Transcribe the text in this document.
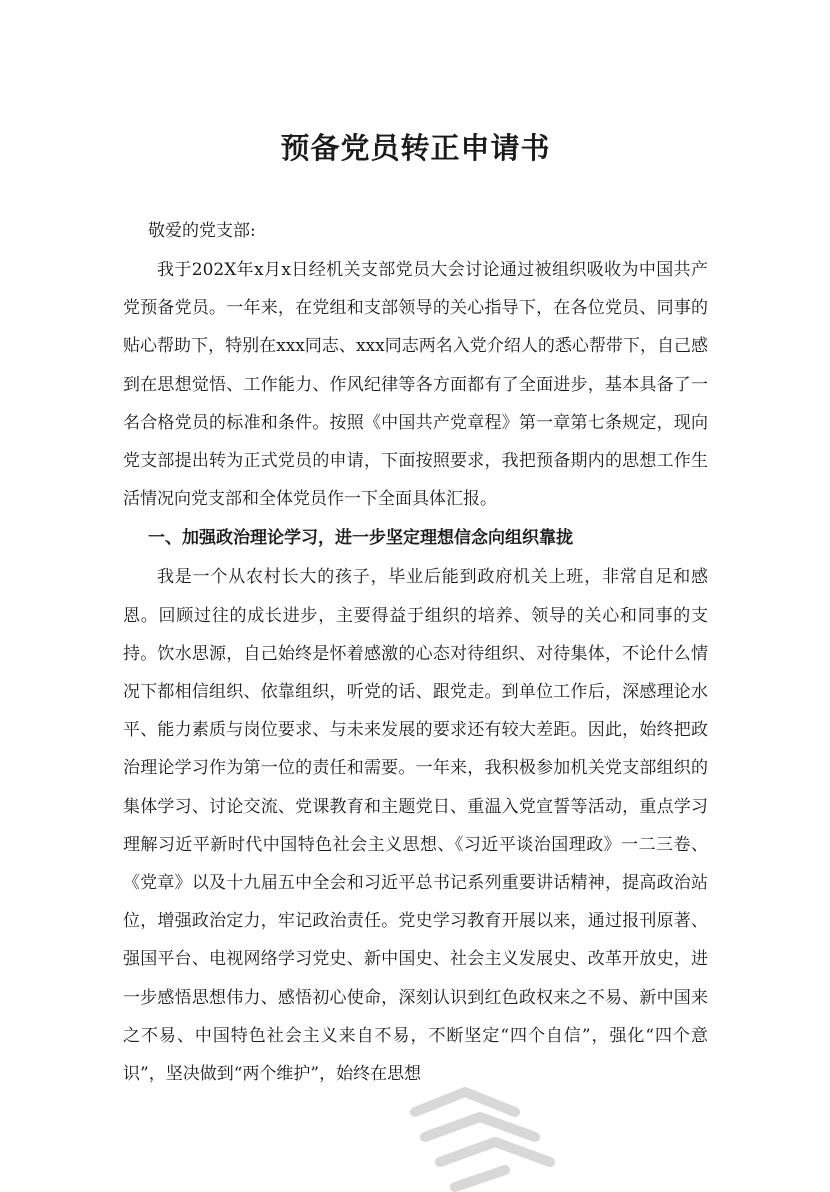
预备党员转正申请书

敬爱的党支部:

我于202X年x月x日经机关支部党员大会讨论通过被组织吸收为中国共产党预备党员。一年来，在党组和支部领导的关心指导下，在各位党员、同事的贴心帮助下，特别在xxx同志、xxx同志两名入党介绍人的悉心帮带下，自己感到在思想觉悟、工作能力、作风纪律等各方面都有了全面进步，基本具备了一名合格党员的标准和条件。按照《中国共产党章程》第一章第七条规定，现向党支部提出转为正式党员的申请，下面按照要求，我把预备期内的思想工作生活情况向党支部和全体党员作一下全面具体汇报。

一、加强政治理论学习，进一步坚定理想信念向组织靠拢

我是一个从农村长大的孩子，毕业后能到政府机关上班，非常自足和感恩。回顾过往的成长进步，主要得益于组织的培养、领导的关心和同事的支持。饮水思源，自己始终是怀着感激的心态对待组织、对待集体，不论什么情况下都相信组织、依靠组织，听党的话、跟党走。到单位工作后，深感理论水平、能力素质与岗位要求、与未来发展的要求还有较大差距。因此，始终把政治理论学习作为第一位的责任和需要。一年来，我积极参加机关党支部组织的集体学习、讨论交流、党课教育和主题党日、重温入党宣誓等活动，重点学习理解习近平新时代中国特色社会主义思想、《习近平谈治国理政》一二三卷、《党章》以及十九届五中全会和习近平总书记系列重要讲话精神，提高政治站位，增强政治定力，牢记政治责任。党史学习教育开展以来，通过报刊原著、强国平台、电视网络学习党史、新中国史、社会主义发展史、改革开放史，进一步感悟思想伟力、感悟初心使命，深刻认识到红色政权来之不易、新中国来之不易、中国特色社会主义来自不易，不断坚定“四个自信”，强化“四个意识”，坚决做到“两个维护”，始终在思想
